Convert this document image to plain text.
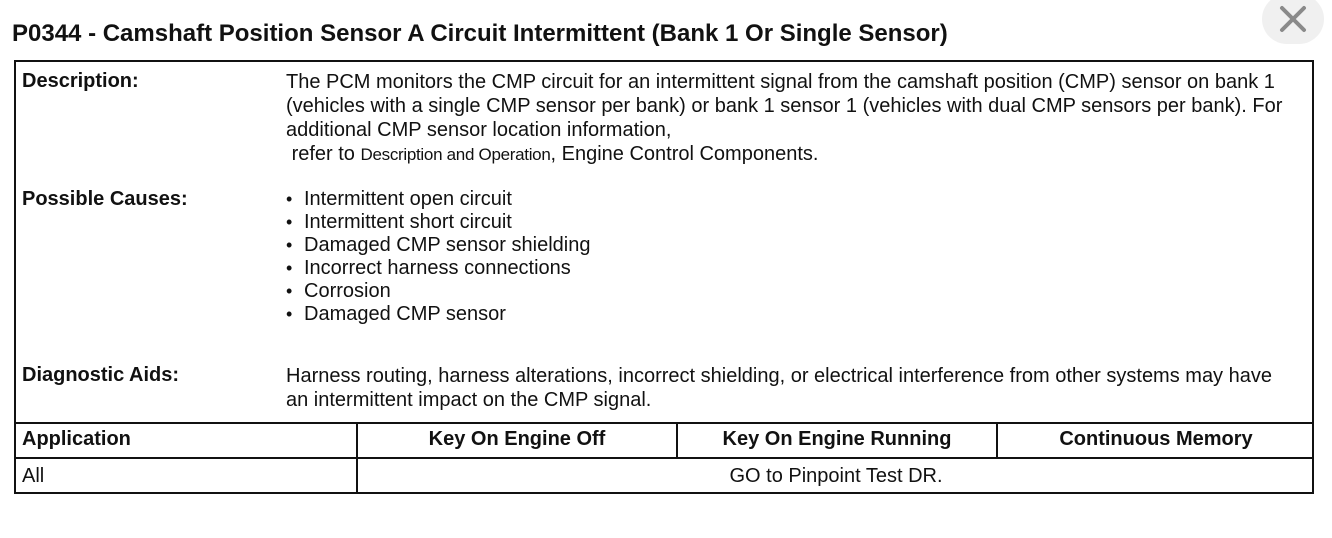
P0344 - Camshaft Position Sensor A Circuit Intermittent (Bank 1 Or Single Sensor)
Description:	The PCM monitors the CMP circuit for an intermittent signal from the camshaft position (CMP) sensor on bank 1 (vehicles with a single CMP sensor per bank) or bank 1 sensor 1 (vehicles with dual CMP sensors per bank). For additional CMP sensor location information,
refer to Description and Operation, Engine Control Components.

Possible Causes:	• Intermittent open circuit
• Intermittent short circuit
• Damaged CMP sensor shielding
• Incorrect harness connections
• Corrosion
• Damaged CMP sensor
Diagnostic Aids:	Harness routing, harness alterations, incorrect shielding, or electrical interference from other systems may have an intermittent impact on the CMP signal.

Application	Key On Engine Off	Key On Engine Running	Continuous Memory
All	GO to Pinpoint Test DR.
